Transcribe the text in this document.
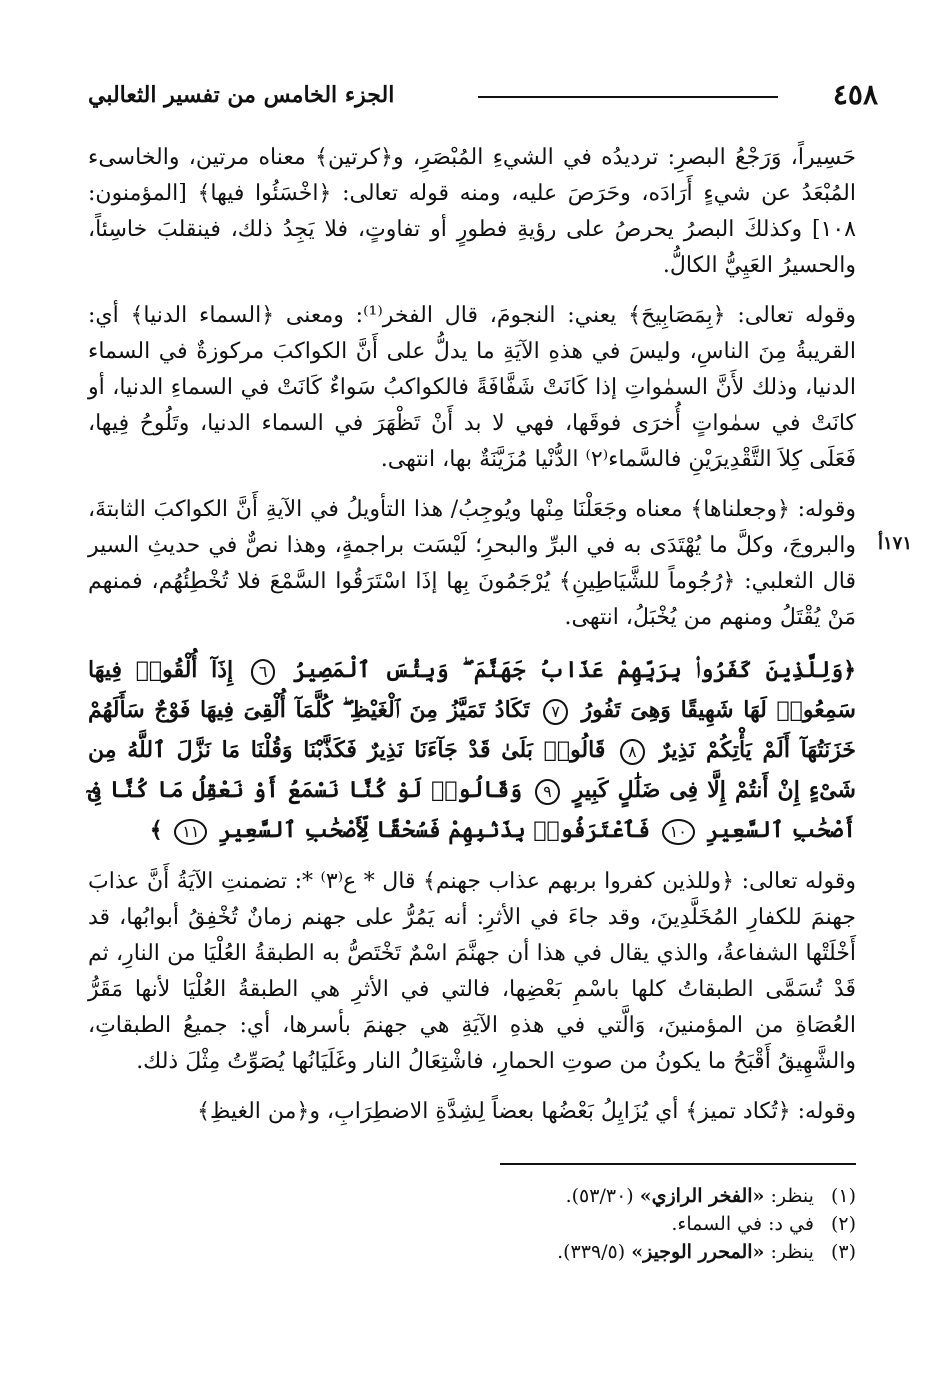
٤٥٨
الجزء الخامس من تفسير الثعالبي
١٧١أ

حَسِيراً، وَرَجْعُ البصرِ: ترديدُه في الشيءِ المُبْصَرِ، و﴿كرتين﴾ معناه مرتين، والخاسىء المُبْعَدُ عن شيءٍ أَرَادَه، وحَرَصَ عليه، ومنه قوله تعالى: ﴿اخْسَئُوا فيها﴾ [المؤمنون: ١٠٨] وكذلكَ البصرُ يحرصُ على رؤيةِ فطورٍ أو تفاوتٍ، فلا يَجِدُ ذلك، فينقلبَ خاسِئاً، والحسيرُ العَيِيُّ الكالُّ.

وقوله تعالى: ﴿بِمَصَابِيحَ﴾ يعني: النجومَ، قال الفخر⁽¹⁾: ومعنى ﴿السماء الدنيا﴾ أي: القريبةُ مِنَ الناسِ، وليسَ في هذهِ الآيَةِ ما يدلُّ على أَنَّ الكواكبَ مركوزةٌ في السماء الدنيا، وذلك لأَنَّ السمٰواتِ إذا كَانَتْ شَفَّافَةً فالكواكبُ سَواءٌ كَانَتْ في السماءِ الدنيا، أو كانَتْ في سمٰواتٍ أُخرَى فوقَها، فهي لا بد أَنْ تَظْهَرَ في السماء الدنيا، وتَلُوحُ فِيها، فَعَلَى كِلاَ التَّقْدِيرَيْنِ فالسَّماء⁽٢⁾ الدُّنْيا مُزَيَّنَةٌ بها، انتهى.

وقوله: ﴿وجعلناها﴾ معناه وجَعَلْنَا مِنْها ويُوجِبُ/ هذا التأويلُ في الآيةِ أَنَّ الكواكبَ الثابتةَ، والبروجَ، وكلَّ ما يُهْتَدَى به في البرِّ والبحرِ؛ لَيْسَت براجمةٍ، وهذا نصٌّ في حديثِ السير قال الثعلبي: ﴿رُجُوماً للشَّيَاطِينِ﴾ يُرْجَمُونَ بِها إذَا اسْتَرَقُوا السَّمْعَ فلا تُخْطِئُهُم، فمنهم مَنْ يُقْتَلُ ومنهم من يُخْبَلُ، انتهى.

﴿وَلِلَّذِينَ كَفَرُوا۟ بِرَبِّهِمْ عَذَابُ جَهَنَّمَ ۖ وَبِئْسَ ٱلْمَصِيرُ ٦ إِذَآ أُلْقُوا۟ فِيهَا سَمِعُوا۟ لَهَا شَهِيقًا وَهِىَ تَفُورُ ٧ تَكَادُ تَمَيَّزُ مِنَ ٱلْغَيْظِ ۖ كُلَّمَآ أُلْقِىَ فِيهَا فَوْجٌ سَأَلَهُمْ خَزَنَتُهَآ أَلَمْ يَأْتِكُمْ نَذِيرٌ ٨ قَالُوا۟ بَلَىٰ قَدْ جَآءَنَا نَذِيرٌ فَكَذَّبْنَا وَقُلْنَا مَا نَزَّلَ ٱللَّهُ مِن شَىْءٍ إِنْ أَنتُمْ إِلَّا فِى ضَلَٰلٍ كَبِيرٍ ٩ وَقَالُوا۟ لَوْ كُنَّا نَسْمَعُ أَوْ نَعْقِلُ مَا كُنَّا فِىٓ أَصْحَٰبِ ٱلسَّعِيرِ ١٠ فَٱعْتَرَفُوا۟ بِذَنۢبِهِمْ فَسُحْقًا لِّأَصْحَٰبِ ٱلسَّعِيرِ ١١ ﴾

وقوله تعالى: ﴿وللذين كفروا بربهم عذاب جهنم﴾ قال * ع⁽٣⁾ *: تضمنتِ الآيَةُ أَنَّ عذابَ جهنمَ للكفارِ المُخَلَّدِينَ، وقد جاءَ في الأثرِ: أنه يَمُرُّ على جهنم زمانٌ تُخْفِقُ أبوابُها، قد أَخْلَتْها الشفاعةُ، والذي يقال في هذا أن جهنَّمَ اسْمٌ تَخْتَصُّ به الطبقةُ العُلْيَا من النارِ، ثم قَدْ تُسَمَّى الطبقاتُ كلها باسْمِ بَعْضِها، فالتي في الأثرِ هي الطبقةُ العُلْيَا لأنها مَقَرُّ العُصَاةِ من المؤمنينَ، وَالَّتي في هذهِ الآيَةِ هي جهنمَ بأسرها، أي: جميعُ الطبقاتِ، والشَّهِيقُ أَقْبَحُ ما يكونُ من صوتِ الحمارِ، فاشْتِعَالُ النار وغَلَيَانُها يُصَوِّتُ مِثْلَ ذلك.

وقوله: ﴿تُكاد تميز﴾ أي يُزَايِلُ بَعْضُها بعضاً لِشِدَّةِ الاضطِرَابِ، و﴿من الغيظِ﴾

(١) ينظر: «الفخر الرازي» (٥٣/٣٠).

(٢) في د: في السماء.

(٣) ينظر: «المحرر الوجيز» (٣٣٩/٥).
